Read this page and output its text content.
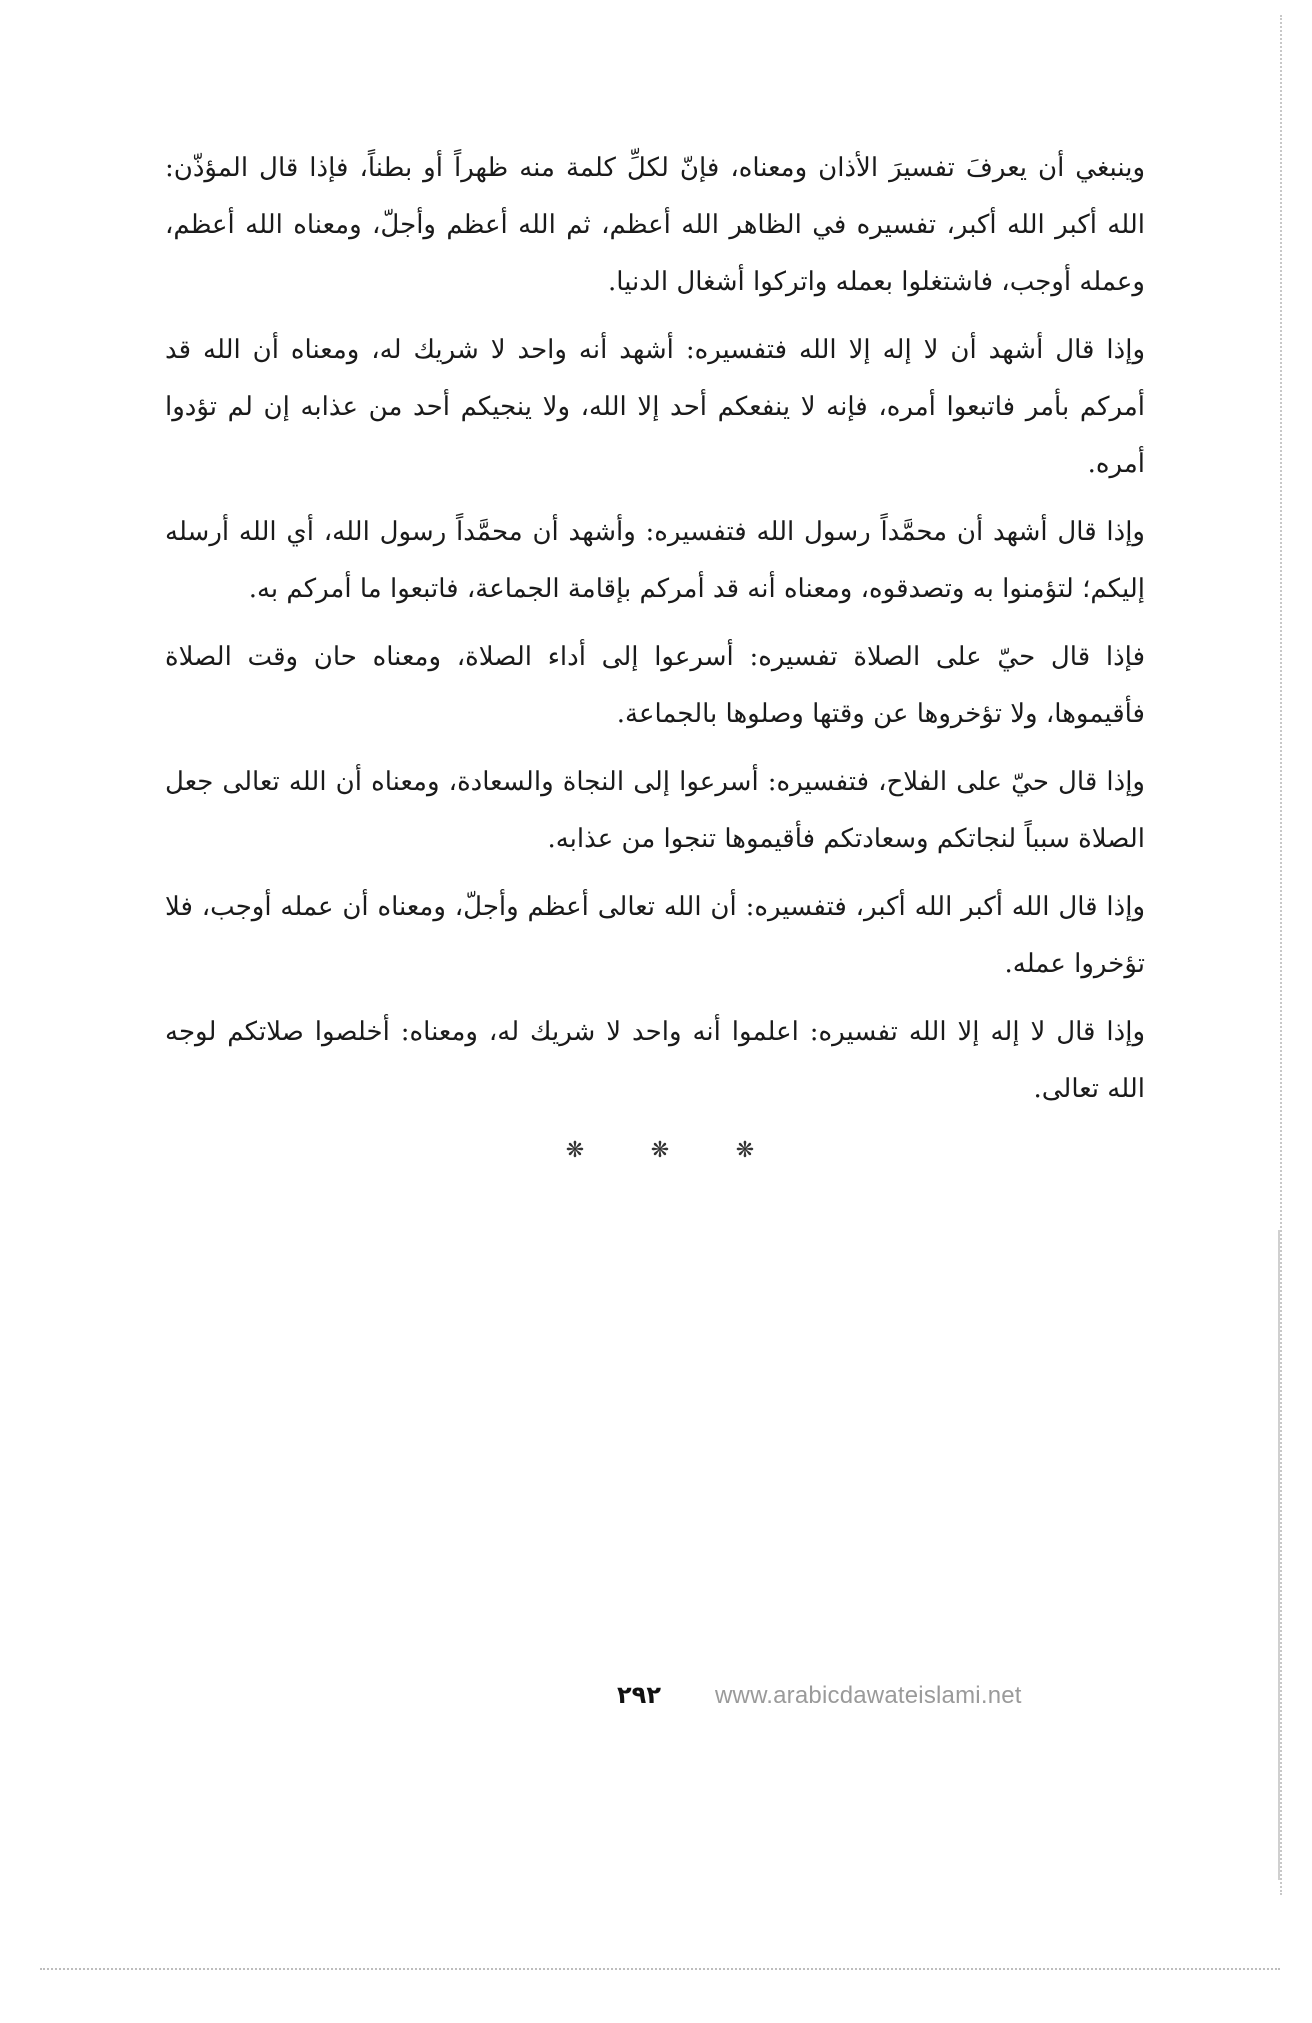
وينبغي أن يعرفَ تفسيرَ الأذان ومعناه، فإنّ لكلِّ كلمة منه ظهراً أو بطناً، فإذا قال المؤذّن: الله أكبر الله أكبر، تفسيره في الظاهر الله أعظم، ثم الله أعظم وأجلّ، ومعناه الله أعظم، وعمله أوجب، فاشتغلوا بعمله واتركوا أشغال الدنيا.

وإذا قال أشهد أن لا إله إلا الله فتفسيره: أشهد أنه واحد لا شريك له، ومعناه أن الله قد أمركم بأمر فاتبعوا أمره، فإنه لا ينفعكم أحد إلا الله، ولا ينجيكم أحد من عذابه إن لم تؤدوا أمره.

وإذا قال أشهد أن محمَّداً رسول الله فتفسيره: وأشهد أن محمَّداً رسول الله، أي الله أرسله إليكم؛ لتؤمنوا به وتصدقوه، ومعناه أنه قد أمركم بإقامة الجماعة، فاتبعوا ما أمركم به.

فإذا قال حيّ على الصلاة تفسيره: أسرعوا إلى أداء الصلاة، ومعناه حان وقت الصلاة فأقيموها، ولا تؤخروها عن وقتها وصلوها بالجماعة.

وإذا قال حيّ على الفلاح، فتفسيره: أسرعوا إلى النجاة والسعادة، ومعناه أن الله تعالى جعل الصلاة سبباً لنجاتكم وسعادتكم فأقيموها تنجوا من عذابه.

وإذا قال الله أكبر الله أكبر، فتفسيره: أن الله تعالى أعظم وأجلّ، ومعناه أن عمله أوجب، فلا تؤخروا عمله.

وإذا قال لا إله إلا الله تفسيره: اعلموا أنه واحد لا شريك له، ومعناه: أخلصوا صلاتكم لوجه الله تعالى.

❋	❋	❋
www.arabicdawateislami.net
٢٩٢
